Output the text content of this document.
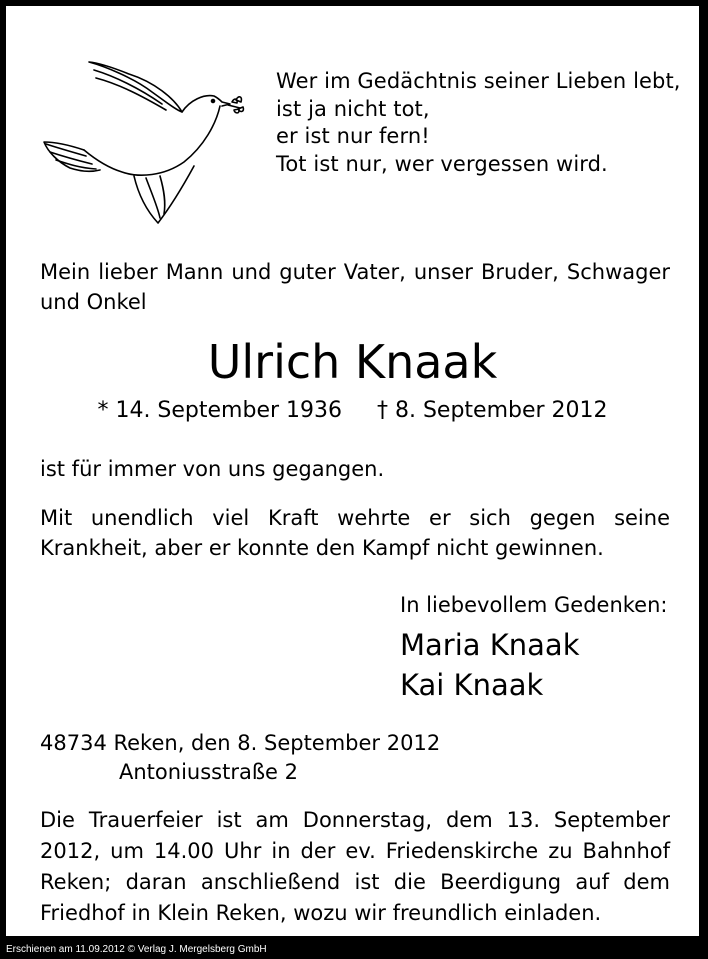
Wer im Gedächtnis seiner Lieben lebt,
ist ja nicht tot,
er ist nur fern!
Tot ist nur, wer vergessen wird.
Mein lieber Mann und guter Vater, unser Bruder, Schwager und Onkel
Ulrich Knaak
* 14. September 1936     † 8. September 2012
ist für immer von uns gegangen.
Mit unendlich viel Kraft wehrte er sich gegen seine Krankheit, aber er konnte den Kampf nicht gewinnen.
In liebevollem Gedenken:
Maria Knaak
Kai Knaak
48734 Reken, den 8. September 2012
Antoniusstraße 2
Die Trauerfeier ist am Donnerstag, dem 13. September 2012, um 14.00 Uhr in der ev. Friedenskirche zu Bahnhof Reken; daran anschließend ist die Beerdigung auf dem Friedhof in Klein Reken, wozu wir freundlich einladen.
Erschienen am 11.09.2012 © Verlag J. Mergelsberg GmbH
